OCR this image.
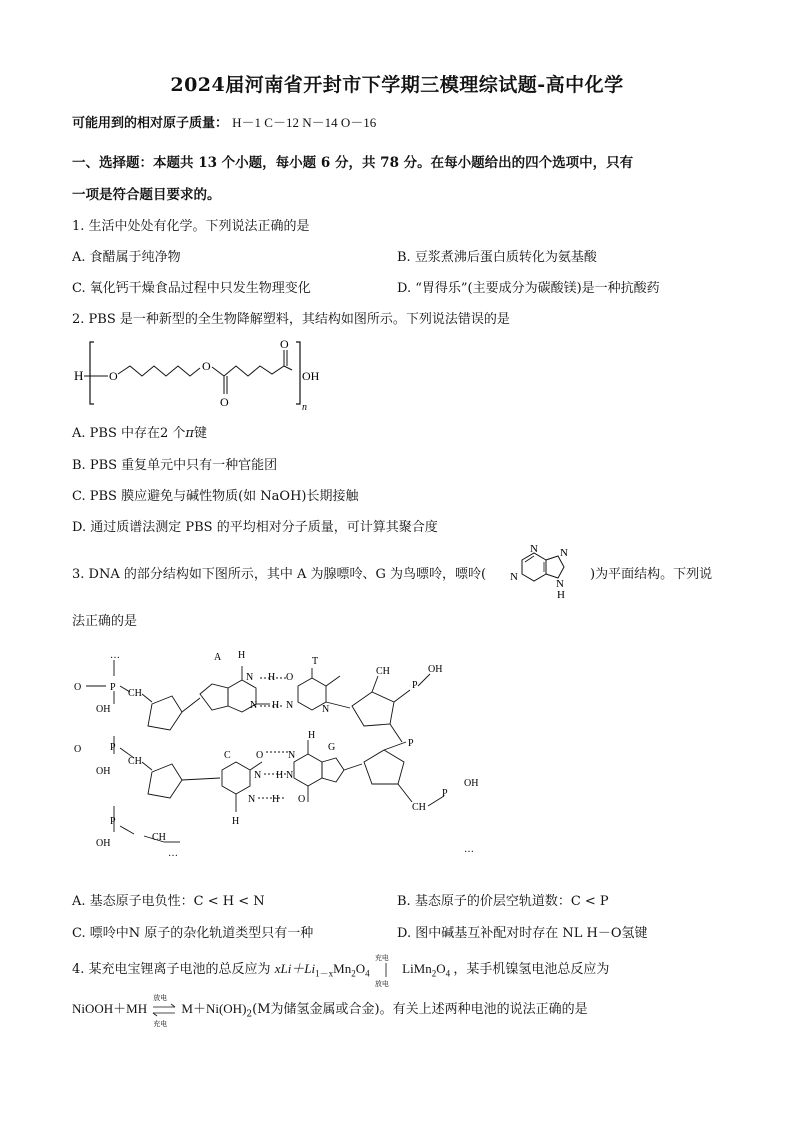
2024届河南省开封市下学期三模理综试题-高中化学
可能用到的相对原子质量： H－1 C－12 N－14 O－16
一、选择题：本题共 13 个小题，每小题 6 分，共 78 分。在每小题给出的四个选项中，只有
一项是符合题目要求的。
1. 生活中处处有化学。下列说法正确的是
A. 食醋属于纯净物	B. 豆浆煮沸后蛋白质转化为氨基酸
C. 氧化钙干燥食品过程中只发生物理变化	D. “胃得乐”(主要成分为碳酸镁)是一种抗酸药
2. PBS 是一种新型的全生物降解塑料，其结构如图所示。下列说法错误的是
H O
O
O
O
OH
n
A. PBS 中存在2 个π键
B. PBS 重复单元中只有一种官能团
C. PBS 膜应避免与碱性物质(如 NaOH)长期接触
D. 通过质谱法测定 PBS 的平均相对分子质量，可计算其聚合度
3. DNA 的部分结构如下图所示，其中 A 为腺嘌呤、G 为鸟嘌呤，嘌呤(
N
N
N
N
H
)为平面结构。下列说
法正确的是
…
O	P
OH
CH
A H
N H O
T
N H N	N
CH
P
OH
O	P
OH
CH
C	O N
H
G
N H N
N H O
H
P
CH
P
OH
P
OH
CH
…	…
A. 基态原子电负性：C < H < N	B. 基态原子的价层空轨道数：C < P
C. 嘌呤中N 原子的杂化轨道类型只有一种	D. 图中碱基互补配对时存在 NL H－O氢键
4. 某充电宝锂离子电池的总反应为 $xLi+Li_{1-x}Mn_2O_4$
充电
放电
$LiMn_2O_4$ ，某手机镍氢电池总反应为
NiOOH＋MH
放电
充电
$M+Ni(OH)_2(M$为储氢金属或合金)。有关上述两种电池的说法正确的是
